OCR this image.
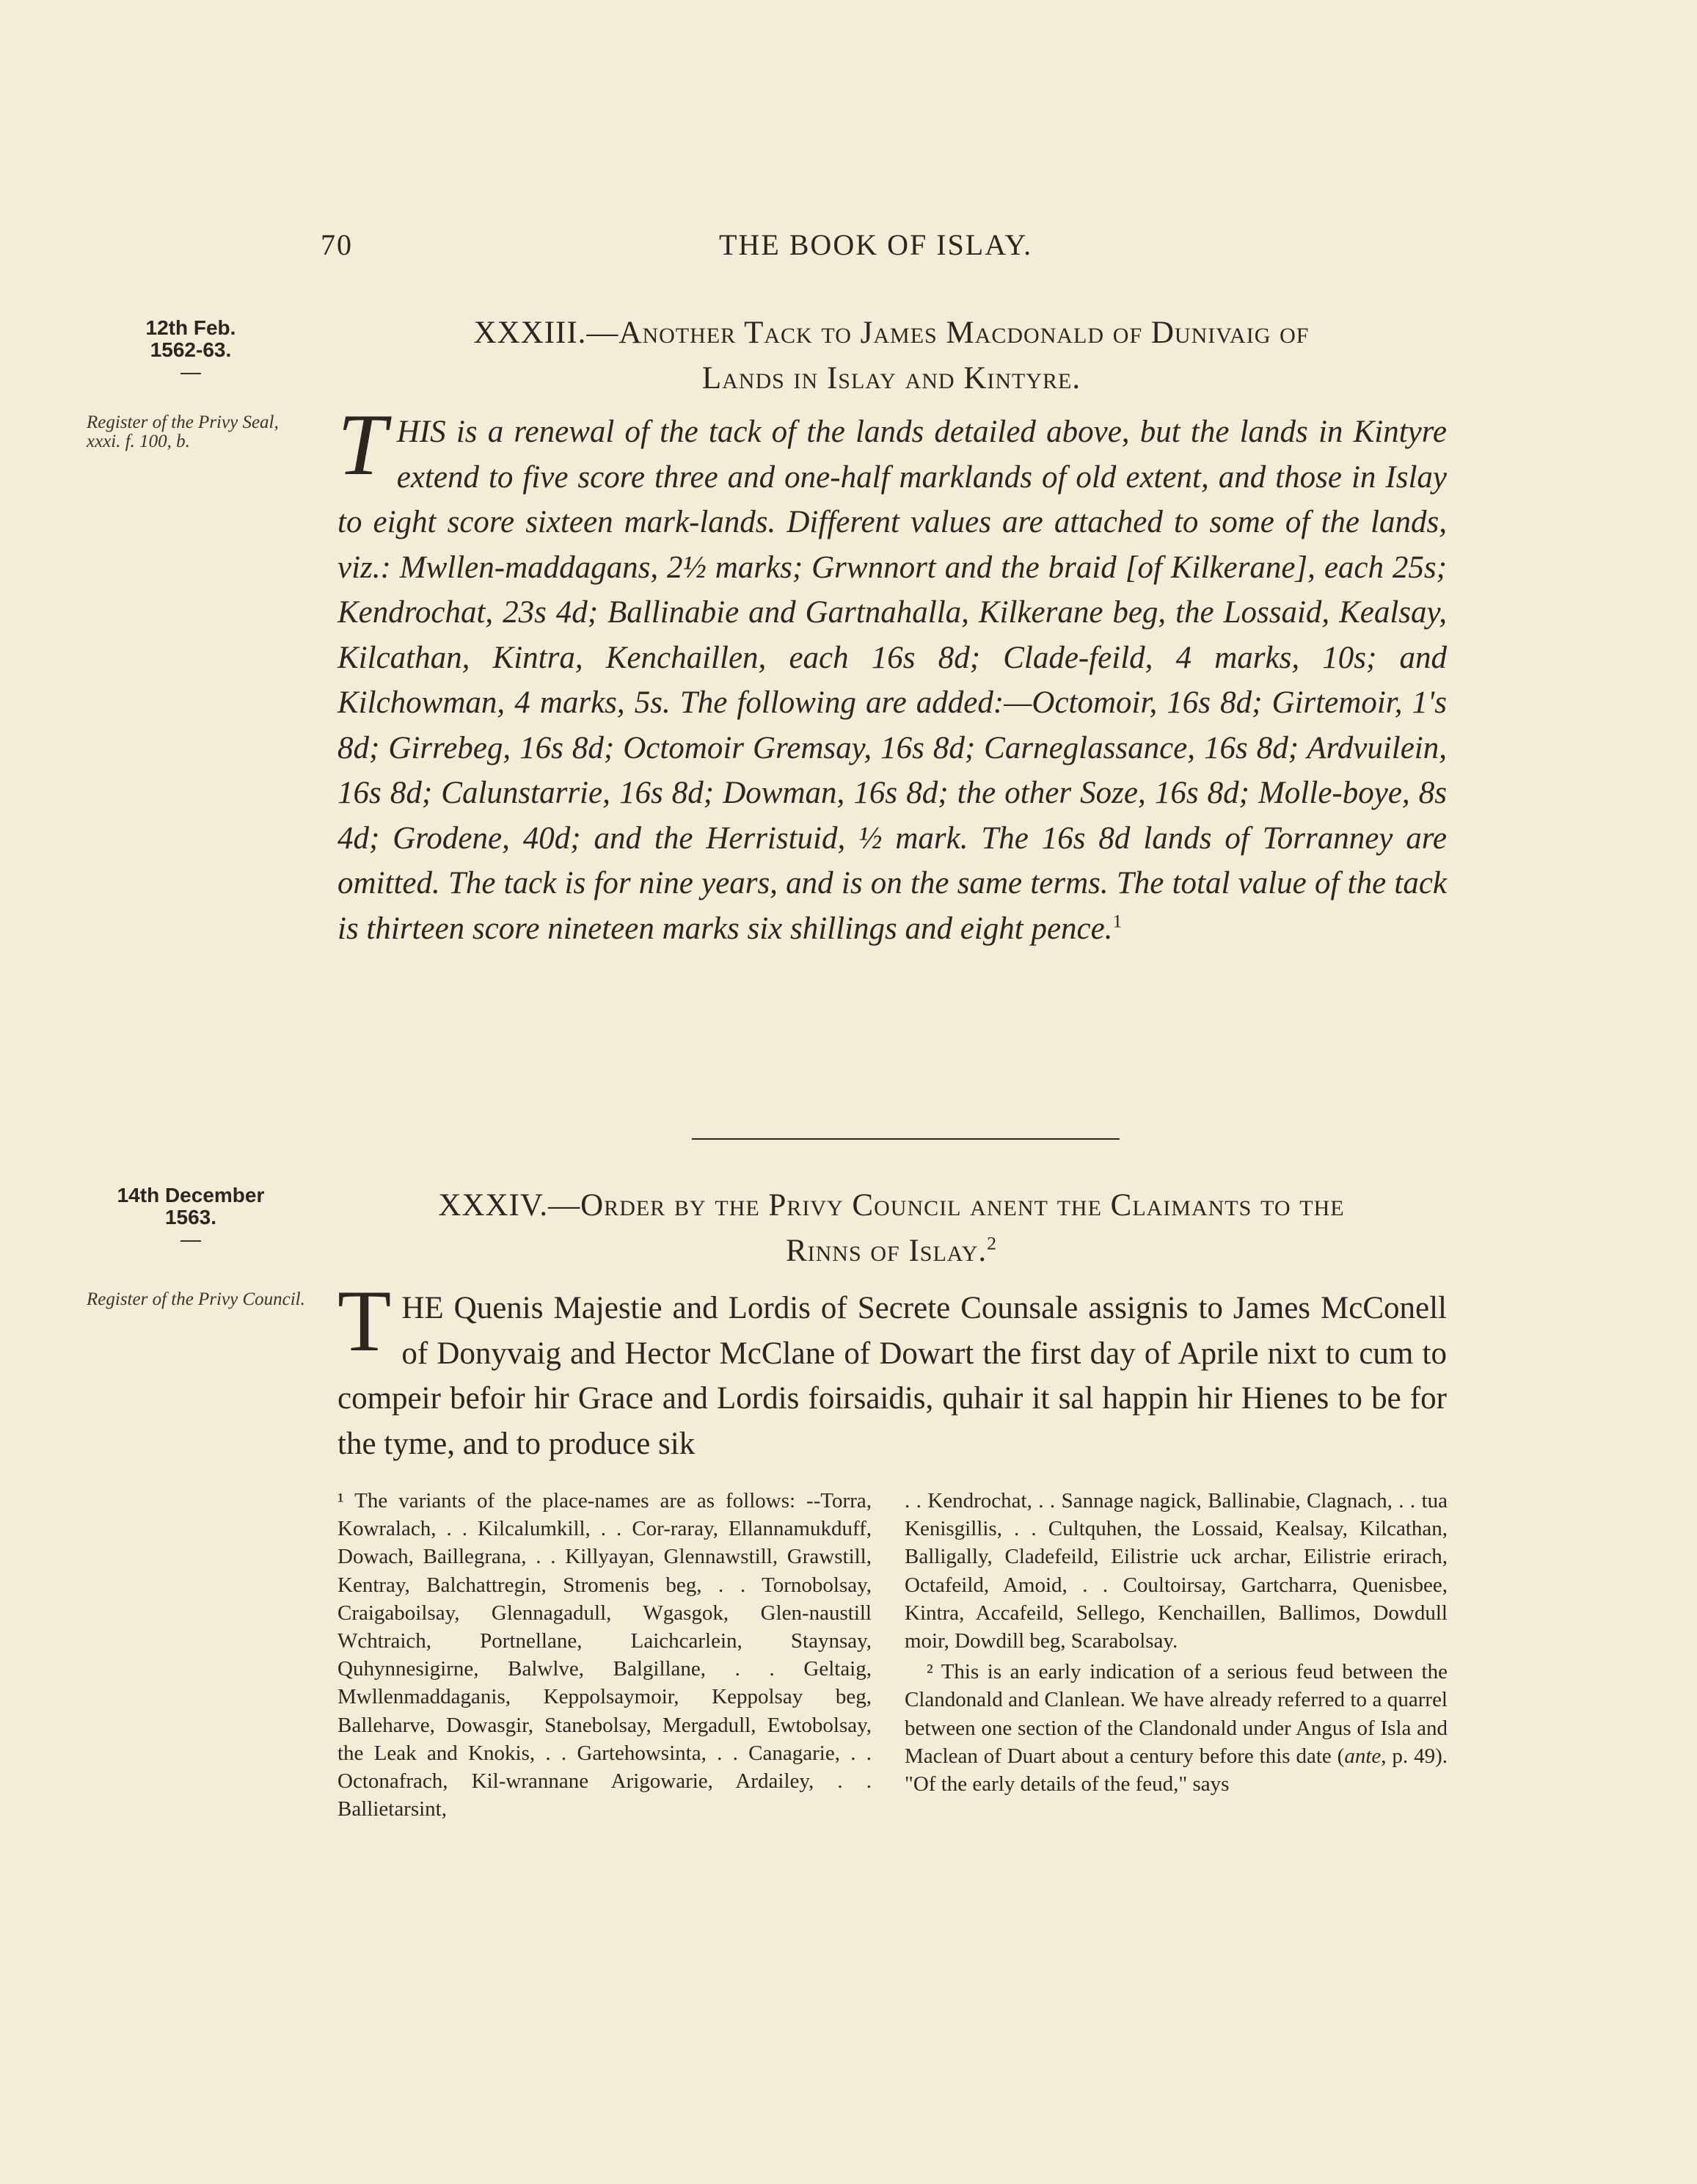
70	THE BOOK OF ISLAY.
12th Feb.
1562-63.
—
Register of the Privy Seal, xxxi. f. 100, b.
XXXIII.—Another Tack to James Macdonald of Dunivaig of
Lands in Islay and Kintyre.
THIS is a renewal of the tack of the lands detailed above, but the lands in Kintyre extend to five score three and one-half marklands of old extent, and those in Islay to eight score sixteen mark-lands. Different values are attached to some of the lands, viz.: Mwllen-maddagans, 2½ marks; Grwnnort and the braid [of Kilkerane], each 25s; Kendrochat, 23s 4d; Ballinabie and Gartnahalla, Kilkerane beg, the Lossaid, Kealsay, Kilcathan, Kintra, Kenchaillen, each 16s 8d; Clade-feild, 4 marks, 10s; and Kilchowman, 4 marks, 5s. The following are added:—Octomoir, 16s 8d; Girtemoir, 1's 8d; Girrebeg, 16s 8d; Octomoir Gremsay, 16s 8d; Carneglassance, 16s 8d; Ardvuilein, 16s 8d; Calunstarrie, 16s 8d; Dowman, 16s 8d; the other Soze, 16s 8d; Molle-boye, 8s 4d; Grodene, 40d; and the Herristuid, ½ mark. The 16s 8d lands of Torranney are omitted. The tack is for nine years, and is on the same terms. The total value of the tack is thirteen score nineteen marks six shillings and eight pence.$^1$
14th December
1563.
—
Register of the Privy Council.
XXXIV.—Order by the Privy Council anent the Claimants to the
Rinns of Islay.$^2$
THE Quenis Majestie and Lordis of Secrete Counsale assignis to James McConell of Donyvaig and Hector McClane of Dowart the first day of Aprile nixt to cum to compeir befoir hir Grace and Lordis foirsaidis, quhair it sal happin hir Hienes to be for the tyme, and to produce sik
¹ The variants of the place-names are as follows: --Torra, Kowralach, . . Kilcalumkill, . . Cor-raray, Ellannamukduff, Dowach, Baillegrana, . . Killyayan, Glennawstill, Grawstill, Kentray, Balchattregin, Stromenis beg, . . Tornobolsay, Craigaboilsay, Glennagadull, Wgasgok, Glen-naustill Wchtraich, Portnellane, Laichcarlein, Staynsay, Quhynnesigirne, Balwlve, Balgillane, . . Geltaig, Mwllenmaddaganis, Keppolsaymoir, Keppolsay beg, Balleharve, Dowasgir, Stanebolsay, Mergadull, Ewtobolsay, the Leak and Knokis, . . Gartehowsinta, . . Canagarie, . . Octonafrach, Kil-wrannane Arigowarie, Ardailey, . . Ballietarsint,
. . Kendrochat, . . Sannage nagick, Ballinabie, Clagnach, . . tua Kenisgillis, . . Cultquhen, the Lossaid, Kealsay, Kilcathan, Balligally, Cladefeild, Eilistrie uck archar, Eilistrie erirach, Octafeild, Amoid, . . Coultoirsay, Gartcharra, Quenisbee, Kintra, Accafeild, Sellego, Kenchaillen, Ballimos, Dowdull moir, Dowdill beg, Scarabolsay.
² This is an early indication of a serious feud between the Clandonald and Clanlean. We have already referred to a quarrel between one section of the Clandonald under Angus of Isla and Maclean of Duart about a century before this date (ante, p. 49). "Of the early details of the feud," says
